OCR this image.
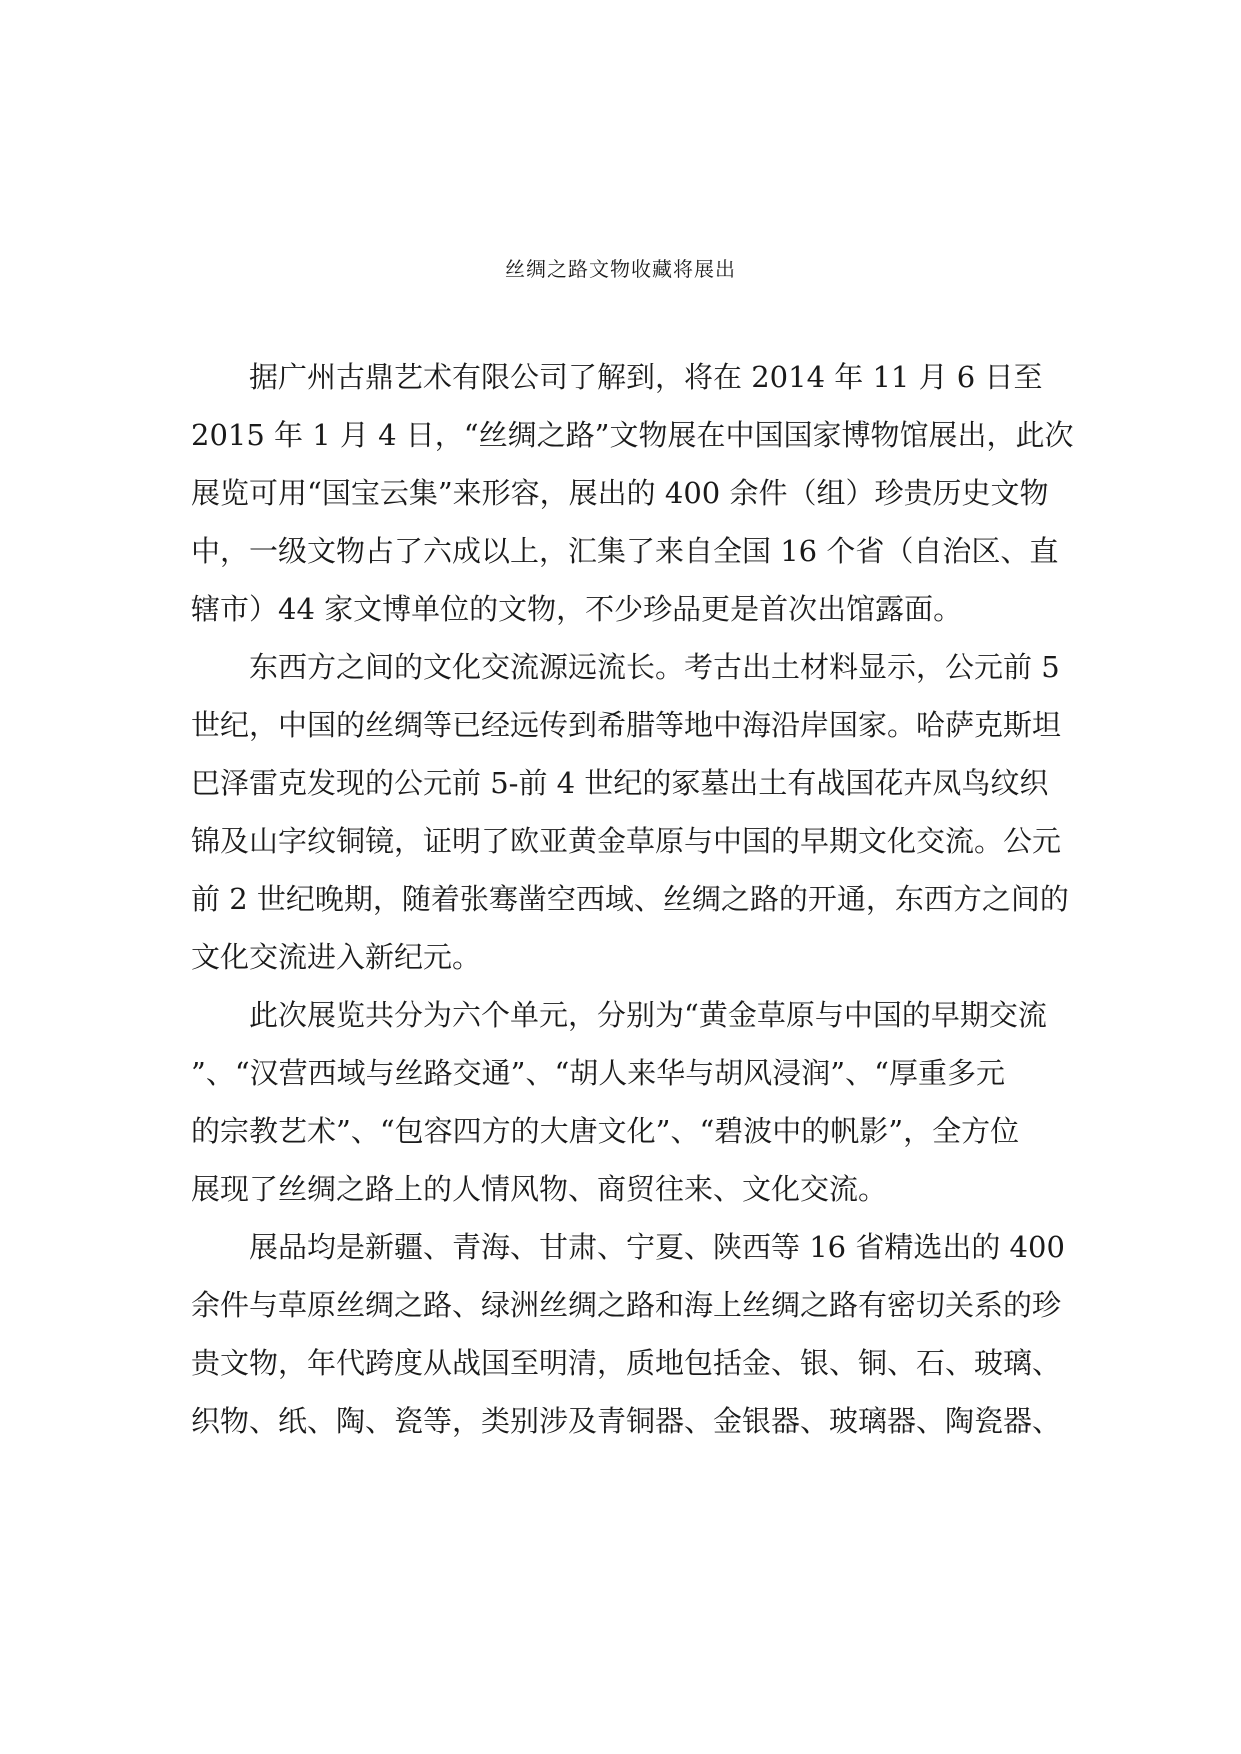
丝绸之路文物收藏将展出
据广州古鼎艺术有限公司了解到，将在 2014 年 11 月 6 日至
2015 年 1 月 4 日，“丝绸之路”文物展在中国国家博物馆展出，此次
展览可用“国宝云集”来形容，展出的 400 余件（组）珍贵历史文物
中，一级文物占了六成以上，汇集了来自全国 16 个省（自治区、直
辖市）44 家文博单位的文物，不少珍品更是首次出馆露面。
东西方之间的文化交流源远流长。考古出土材料显示，公元前 5
世纪，中国的丝绸等已经远传到希腊等地中海沿岸国家。哈萨克斯坦
巴泽雷克发现的公元前 5-前 4 世纪的冢墓出土有战国花卉凤鸟纹织
锦及山字纹铜镜，证明了欧亚黄金草原与中国的早期文化交流。公元
前 2 世纪晚期，随着张骞凿空西域、丝绸之路的开通，东西方之间的
文化交流进入新纪元。
此次展览共分为六个单元，分别为“黄金草原与中国的早期交流
”、“汉营西域与丝路交通”、“胡人来华与胡风浸润”、“厚重多元
的宗教艺术”、“包容四方的大唐文化”、“碧波中的帆影”，全方位
展现了丝绸之路上的人情风物、商贸往来、文化交流。
展品均是新疆、青海、甘肃、宁夏、陕西等 16 省精选出的 400
余件与草原丝绸之路、绿洲丝绸之路和海上丝绸之路有密切关系的珍
贵文物，年代跨度从战国至明清，质地包括金、银、铜、石、玻璃、
织物、纸、陶、瓷等，类别涉及青铜器、金银器、玻璃器、陶瓷器、
